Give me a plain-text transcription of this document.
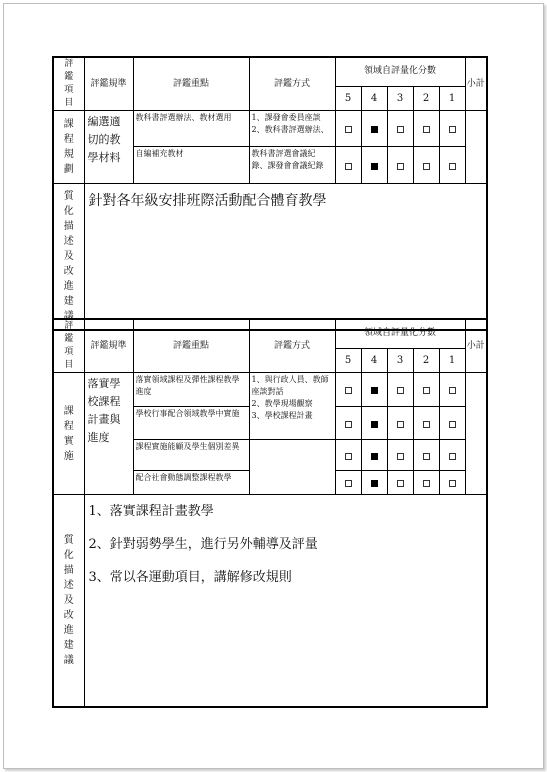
評鑑項目	評鑑規準	評鑑重點	評鑑方式	領域自評量化分數					小計
				5	4	3	2	1	
課程規劃	編選適切的教學材料	教科書評選辦法、教材選用	1、課發會委員座談
2、教科書評選辦法、						

		自編補充教材	教科書評選會議紀
錄、課發會會議紀錄						

質化描述及改進建議	針對各年級安排班際活動配合體育教學								
評鑑項目	評鑑規準	評鑑重點	評鑑方式	領域自評量化分數					小計
				5	4	3	2	1	
課程實施	落實學校課程計畫與進度	落實領域課程及彈性課程教學進度	1、與行政人員、教師座談對話
2、教學現場觀察
3、學校課程計畫						

		學校行事配合領域教學中實施							
		課程實施能顧及學生個別差異							
		配合社會動態調整課程教學							
質化描述及改進建議	1、落實課程計畫教學
2、針對弱勢學生，進行另外輔導及評量
3、常以各運動項目，講解修改規則								
